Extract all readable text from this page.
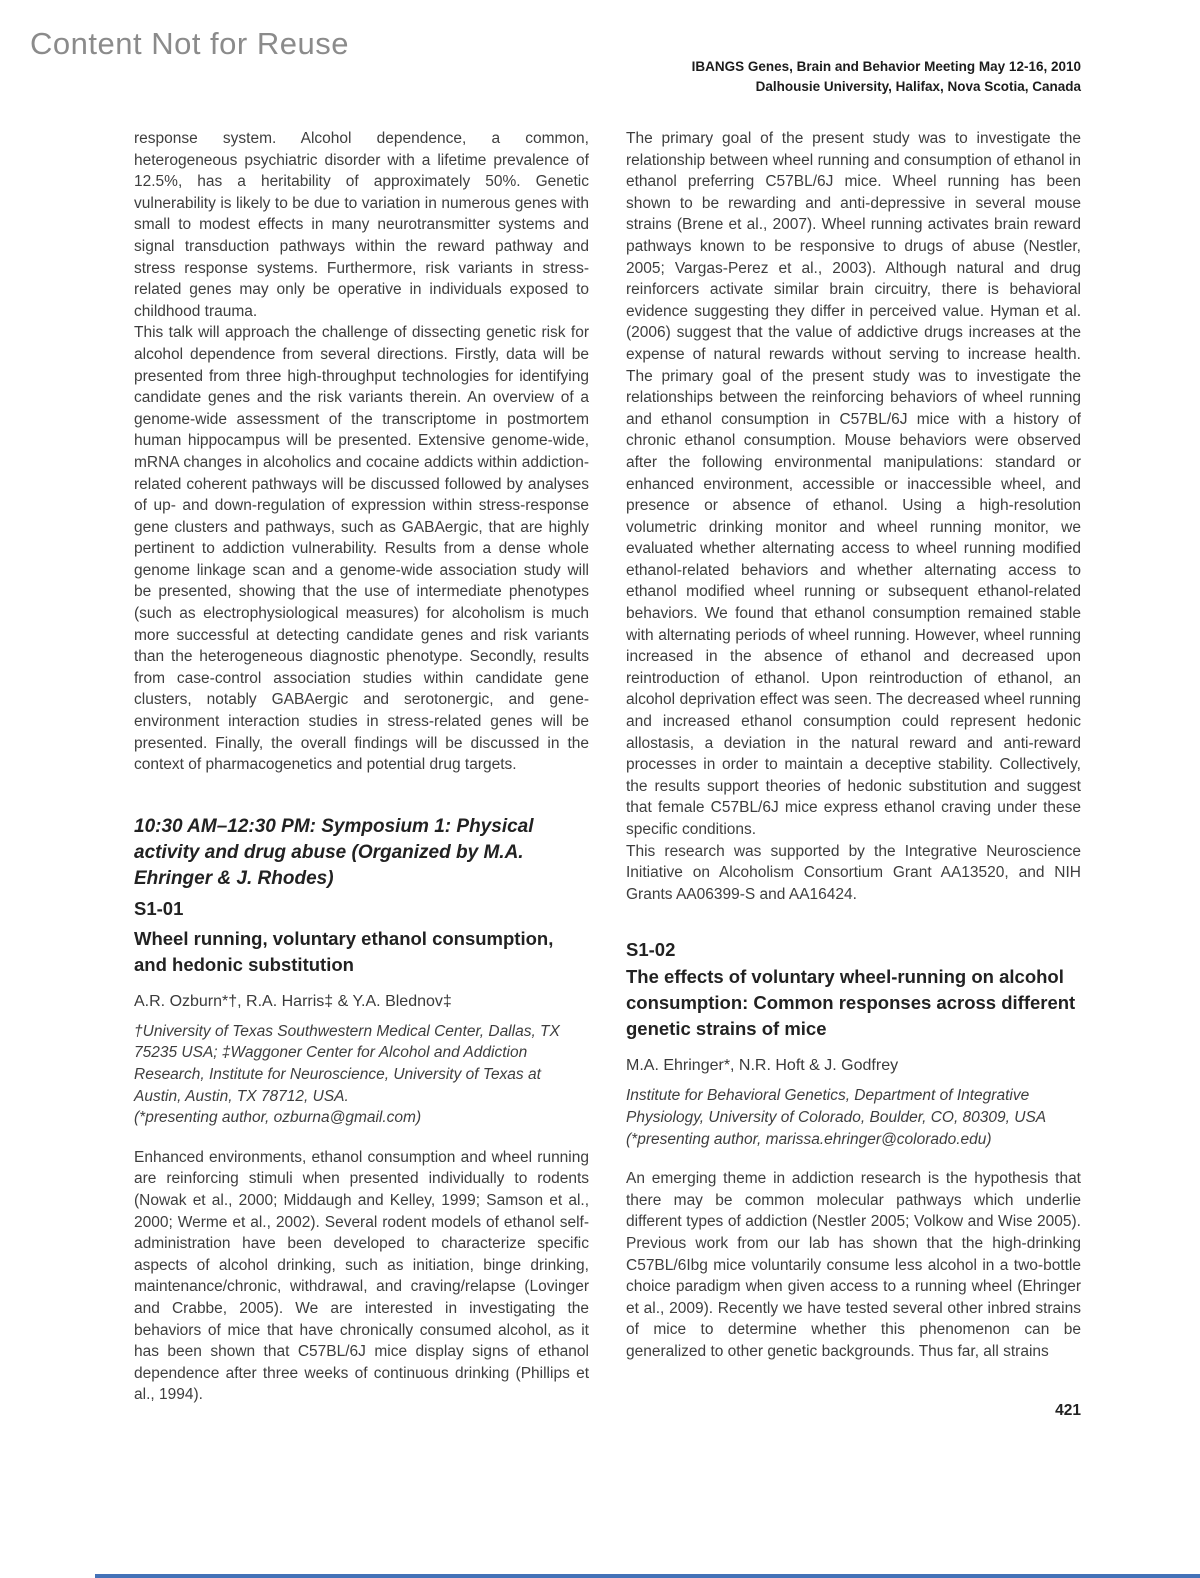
Content Not for Reuse
IBANGS Genes, Brain and Behavior Meeting May 12-16, 2010
Dalhousie University, Halifax, Nova Scotia, Canada

response system. Alcohol dependence, a common, heterogeneous psychiatric disorder with a lifetime prevalence of 12.5%, has a heritability of approximately 50%. Genetic vulnerability is likely to be due to variation in numerous genes with small to modest effects in many neurotransmitter systems and signal transduction pathways within the reward pathway and stress response systems. Furthermore, risk variants in stress-related genes may only be operative in individuals exposed to childhood trauma.

This talk will approach the challenge of dissecting genetic risk for alcohol dependence from several directions. Firstly, data will be presented from three high-throughput technologies for identifying candidate genes and the risk variants therein. An overview of a genome-wide assessment of the transcriptome in postmortem human hippocampus will be presented. Extensive genome-wide, mRNA changes in alcoholics and cocaine addicts within addiction-related coherent pathways will be discussed followed by analyses of up- and down-regulation of expression within stress-response gene clusters and pathways, such as GABAergic, that are highly pertinent to addiction vulnerability. Results from a dense whole genome linkage scan and a genome-wide association study will be presented, showing that the use of intermediate phenotypes (such as electrophysiological measures) for alcoholism is much more successful at detecting candidate genes and risk variants than the heterogeneous diagnostic phenotype. Secondly, results from case-control association studies within candidate gene clusters, notably GABAergic and serotonergic, and gene-environment interaction studies in stress-related genes will be presented. Finally, the overall findings will be discussed in the context of pharmacogenetics and potential drug targets.

10:30 AM–12:30 PM: Symposium 1: Physical activity and drug abuse (Organized by M.A. Ehringer & J. Rhodes)
S1-01
Wheel running, voluntary ethanol consumption, and hedonic substitution
A.R. Ozburn*†, R.A. Harris‡ & Y.A. Blednov‡

†University of Texas Southwestern Medical Center, Dallas, TX 75235 USA; ‡Waggoner Center for Alcohol and Addiction Research, Institute for Neuroscience, University of Texas at Austin, Austin, TX 78712, USA.

(*presenting author, ozburna@gmail.com)

Enhanced environments, ethanol consumption and wheel running are reinforcing stimuli when presented individually to rodents (Nowak et al., 2000; Middaugh and Kelley, 1999; Samson et al., 2000; Werme et al., 2002). Several rodent models of ethanol self-administration have been developed to characterize specific aspects of alcohol drinking, such as initiation, binge drinking, maintenance/chronic, withdrawal, and craving/relapse (Lovinger and Crabbe, 2005). We are interested in investigating the behaviors of mice that have chronically consumed alcohol, as it has been shown that C57BL/6J mice display signs of ethanol dependence after three weeks of continuous drinking (Phillips et al., 1994).

The primary goal of the present study was to investigate the relationship between wheel running and consumption of ethanol in ethanol preferring C57BL/6J mice. Wheel running has been shown to be rewarding and anti-depressive in several mouse strains (Brene et al., 2007). Wheel running activates brain reward pathways known to be responsive to drugs of abuse (Nestler, 2005; Vargas-Perez et al., 2003). Although natural and drug reinforcers activate similar brain circuitry, there is behavioral evidence suggesting they differ in perceived value. Hyman et al. (2006) suggest that the value of addictive drugs increases at the expense of natural rewards without serving to increase health. The primary goal of the present study was to investigate the relationships between the reinforcing behaviors of wheel running and ethanol consumption in C57BL/6J mice with a history of chronic ethanol consumption. Mouse behaviors were observed after the following environmental manipulations: standard or enhanced environment, accessible or inaccessible wheel, and presence or absence of ethanol. Using a high-resolution volumetric drinking monitor and wheel running monitor, we evaluated whether alternating access to wheel running modified ethanol-related behaviors and whether alternating access to ethanol modified wheel running or subsequent ethanol-related behaviors. We found that ethanol consumption remained stable with alternating periods of wheel running. However, wheel running increased in the absence of ethanol and decreased upon reintroduction of ethanol. Upon reintroduction of ethanol, an alcohol deprivation effect was seen. The decreased wheel running and increased ethanol consumption could represent hedonic allostasis, a deviation in the natural reward and anti-reward processes in order to maintain a deceptive stability. Collectively, the results support theories of hedonic substitution and suggest that female C57BL/6J mice express ethanol craving under these specific conditions.

This research was supported by the Integrative Neuroscience Initiative on Alcoholism Consortium Grant AA13520, and NIH Grants AA06399-S and AA16424.

S1-02
The effects of voluntary wheel-running on alcohol consumption: Common responses across different genetic strains of mice
M.A. Ehringer*, N.R. Hoft & J. Godfrey

Institute for Behavioral Genetics, Department of Integrative Physiology, University of Colorado, Boulder, CO, 80309, USA

(*presenting author, marissa.ehringer@colorado.edu)

An emerging theme in addiction research is the hypothesis that there may be common molecular pathways which underlie different types of addiction (Nestler 2005; Volkow and Wise 2005). Previous work from our lab has shown that the high-drinking C57BL/6Ibg mice voluntarily consume less alcohol in a two-bottle choice paradigm when given access to a running wheel (Ehringer et al., 2009). Recently we have tested several other inbred strains of mice to determine whether this phenomenon can be generalized to other genetic backgrounds. Thus far, all strains

421
